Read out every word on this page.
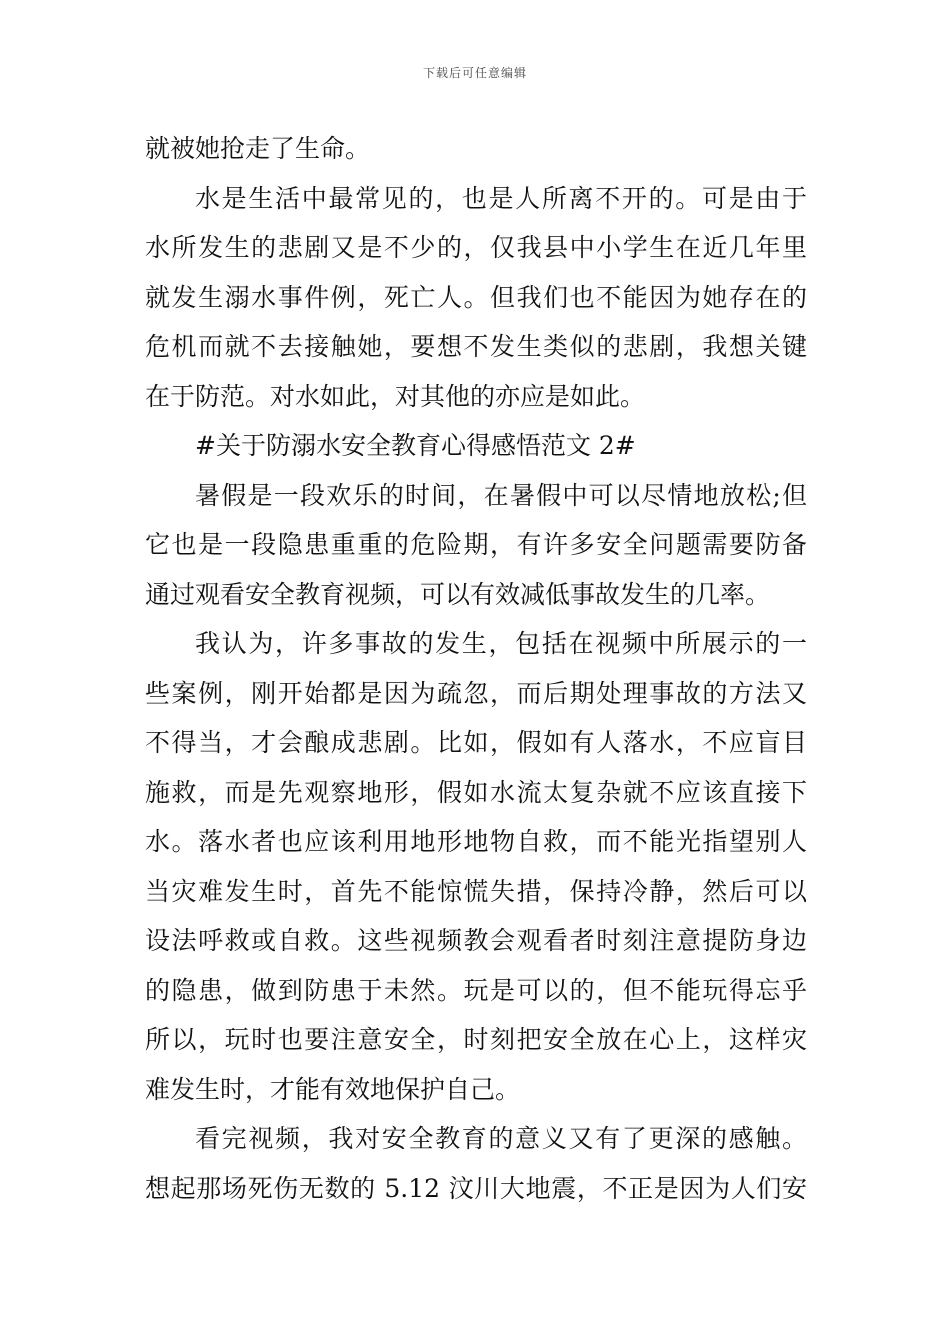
下载后可任意编辑
就被她抢走了生命。
水是生活中最常见的，也是人所离不开的。可是由于
水所发生的悲剧又是不少的，仅我县中小学生在近几年里
就发生溺水事件例，死亡人。但我们也不能因为她存在的
危机而就不去接触她，要想不发生类似的悲剧，我想关键
在于防范。对水如此，对其他的亦应是如此。
#关于防溺水安全教育心得感悟范文 2#
暑假是一段欢乐的时间，在暑假中可以尽情地放松;但
它也是一段隐患重重的危险期，有许多安全问题需要防备
通过观看安全教育视频，可以有效减低事故发生的几率。
我认为，许多事故的发生，包括在视频中所展示的一
些案例，刚开始都是因为疏忽，而后期处理事故的方法又
不得当，才会酿成悲剧。比如，假如有人落水，不应盲目
施救，而是先观察地形，假如水流太复杂就不应该直接下
水。落水者也应该利用地形地物自救，而不能光指望别人
当灾难发生时，首先不能惊慌失措，保持冷静，然后可以
设法呼救或自救。这些视频教会观看者时刻注意提防身边
的隐患，做到防患于未然。玩是可以的，但不能玩得忘乎
所以，玩时也要注意安全，时刻把安全放在心上，这样灾
难发生时，才能有效地保护自己。
看完视频，我对安全教育的意义又有了更深的感触。
想起那场死伤无数的 5.12 汶川大地震，不正是因为人们安
